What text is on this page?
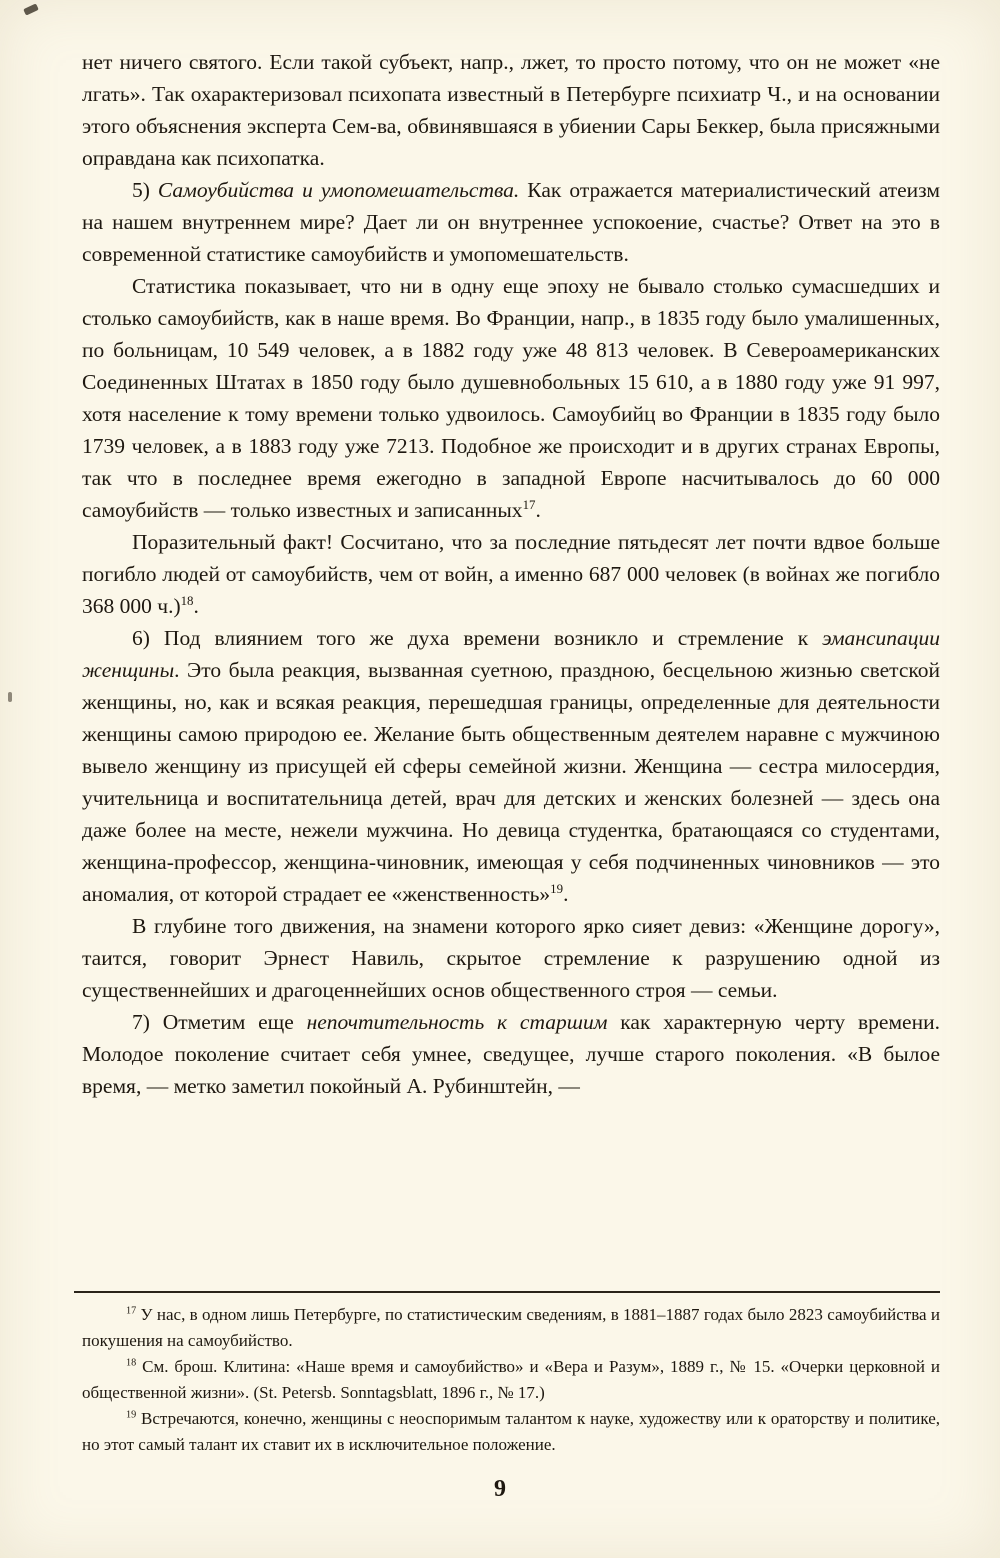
нет ничего святого. Если такой субъект, напр., лжет, то просто потому, что он не может «не лгать». Так охарактеризовал психопата известный в Петербурге психиатр Ч., и на основании этого объяснения эксперта Сем-ва, обвинявшаяся в убиении Сары Беккер, была присяжными оправдана как психопатка.

5) Самоубийства и умопомешательства. Как отражается материалистический атеизм на нашем внутреннем мире? Дает ли он внутреннее успокоение, счастье? Ответ на это в современной статистике самоубийств и умопомешательств.

Статистика показывает, что ни в одну еще эпоху не бывало столько сумасшедших и столько самоубийств, как в наше время. Во Франции, напр., в 1835 году было умалишенных, по больницам, 10 549 человек, а в 1882 году уже 48 813 человек. В Североамериканских Соединенных Штатах в 1850 году было душевнобольных 15 610, а в 1880 году уже 91 997, хотя население к тому времени только удвоилось. Самоубийц во Франции в 1835 году было 1739 человек, а в 1883 году уже 7213. Подобное же происходит и в других странах Европы, так что в последнее время ежегодно в западной Европе насчитывалось до 60 000 самоубийств — только известных и записанных$^{17}$.

Поразительный факт! Сосчитано, что за последние пятьдесят лет почти вдвое больше погибло людей от самоубийств, чем от войн, а именно 687 000 человек (в войнах же погибло 368 000 ч.)$^{18}$.

6) Под влиянием того же духа времени возникло и стремление к эмансипации женщины. Это была реакция, вызванная суетною, праздною, бесцельною жизнью светской женщины, но, как и всякая реакция, перешедшая границы, определенные для деятельности женщины самою природою ее. Желание быть общественным деятелем наравне с мужчиною вывело женщину из присущей ей сферы семейной жизни. Женщина — сестра милосердия, учительница и воспитательница детей, врач для детских и женских болезней — здесь она даже более на месте, нежели мужчина. Но девица студентка, братающаяся со студентами, женщина-профессор, женщина-чиновник, имеющая у себя подчиненных чиновников — это аномалия, от которой страдает ее «женственность»$^{19}$.

В глубине того движения, на знамени которого ярко сияет девиз: «Женщине дорогу», таится, говорит Эрнест Навиль, скрытое стремление к разрушению одной из существеннейших и драгоценнейших основ общественного строя — семьи.

7) Отметим еще непочтительность к старшим как характерную черту времени. Молодое поколение считает себя умнее, сведущее, лучше старого поколения. «В былое время, — метко заметил покойный А. Рубинштейн, —

$^{17}$ У нас, в одном лишь Петербурге, по статистическим сведениям, в 1881–1887 годах было 2823 самоубийства и покушения на самоубийство.

$^{18}$ См. брош. Клитина: «Наше время и самоубийство» и «Вера и Разум», 1889 г., № 15. «Очерки церковной и общественной жизни». (St. Petersb. Sonntagsblatt, 1896 г., № 17.)

$^{19}$ Встречаются, конечно, женщины с неоспоримым талантом к науке, художеству или к ораторству и политике, но этот самый талант их ставит их в исключительное положение.

9
